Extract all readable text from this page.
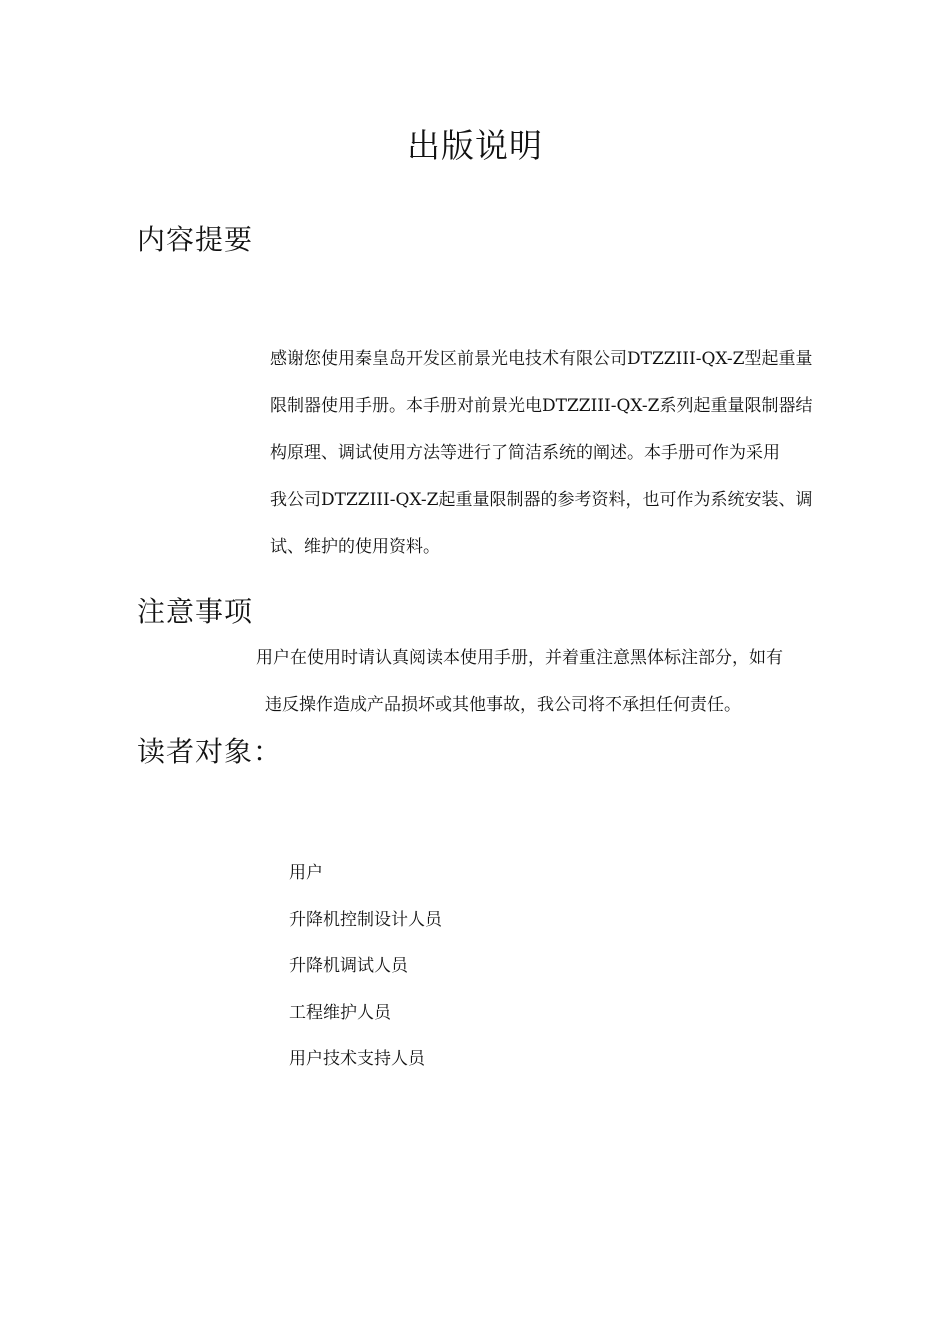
出版说明
内容提要
感谢您使用秦皇岛开发区前景光电技术有限公司DTZZIII-QX-Z型起重量
限制器使用手册。本手册对前景光电DTZZIII-QX-Z系列起重量限制器结
构原理、调试使用方法等进行了简洁系统的阐述。本手册可作为采用
我公司DTZZIII-QX-Z起重量限制器的参考资料，也可作为系统安装、调
试、维护的使用资料。
注意事项
用户在使用时请认真阅读本使用手册，并着重注意黑体标注部分，如有
违反操作造成产品损坏或其他事故，我公司将不承担任何责任。
读者对象：
用户
升降机控制设计人员
升降机调试人员
工程维护人员
用户技术支持人员
